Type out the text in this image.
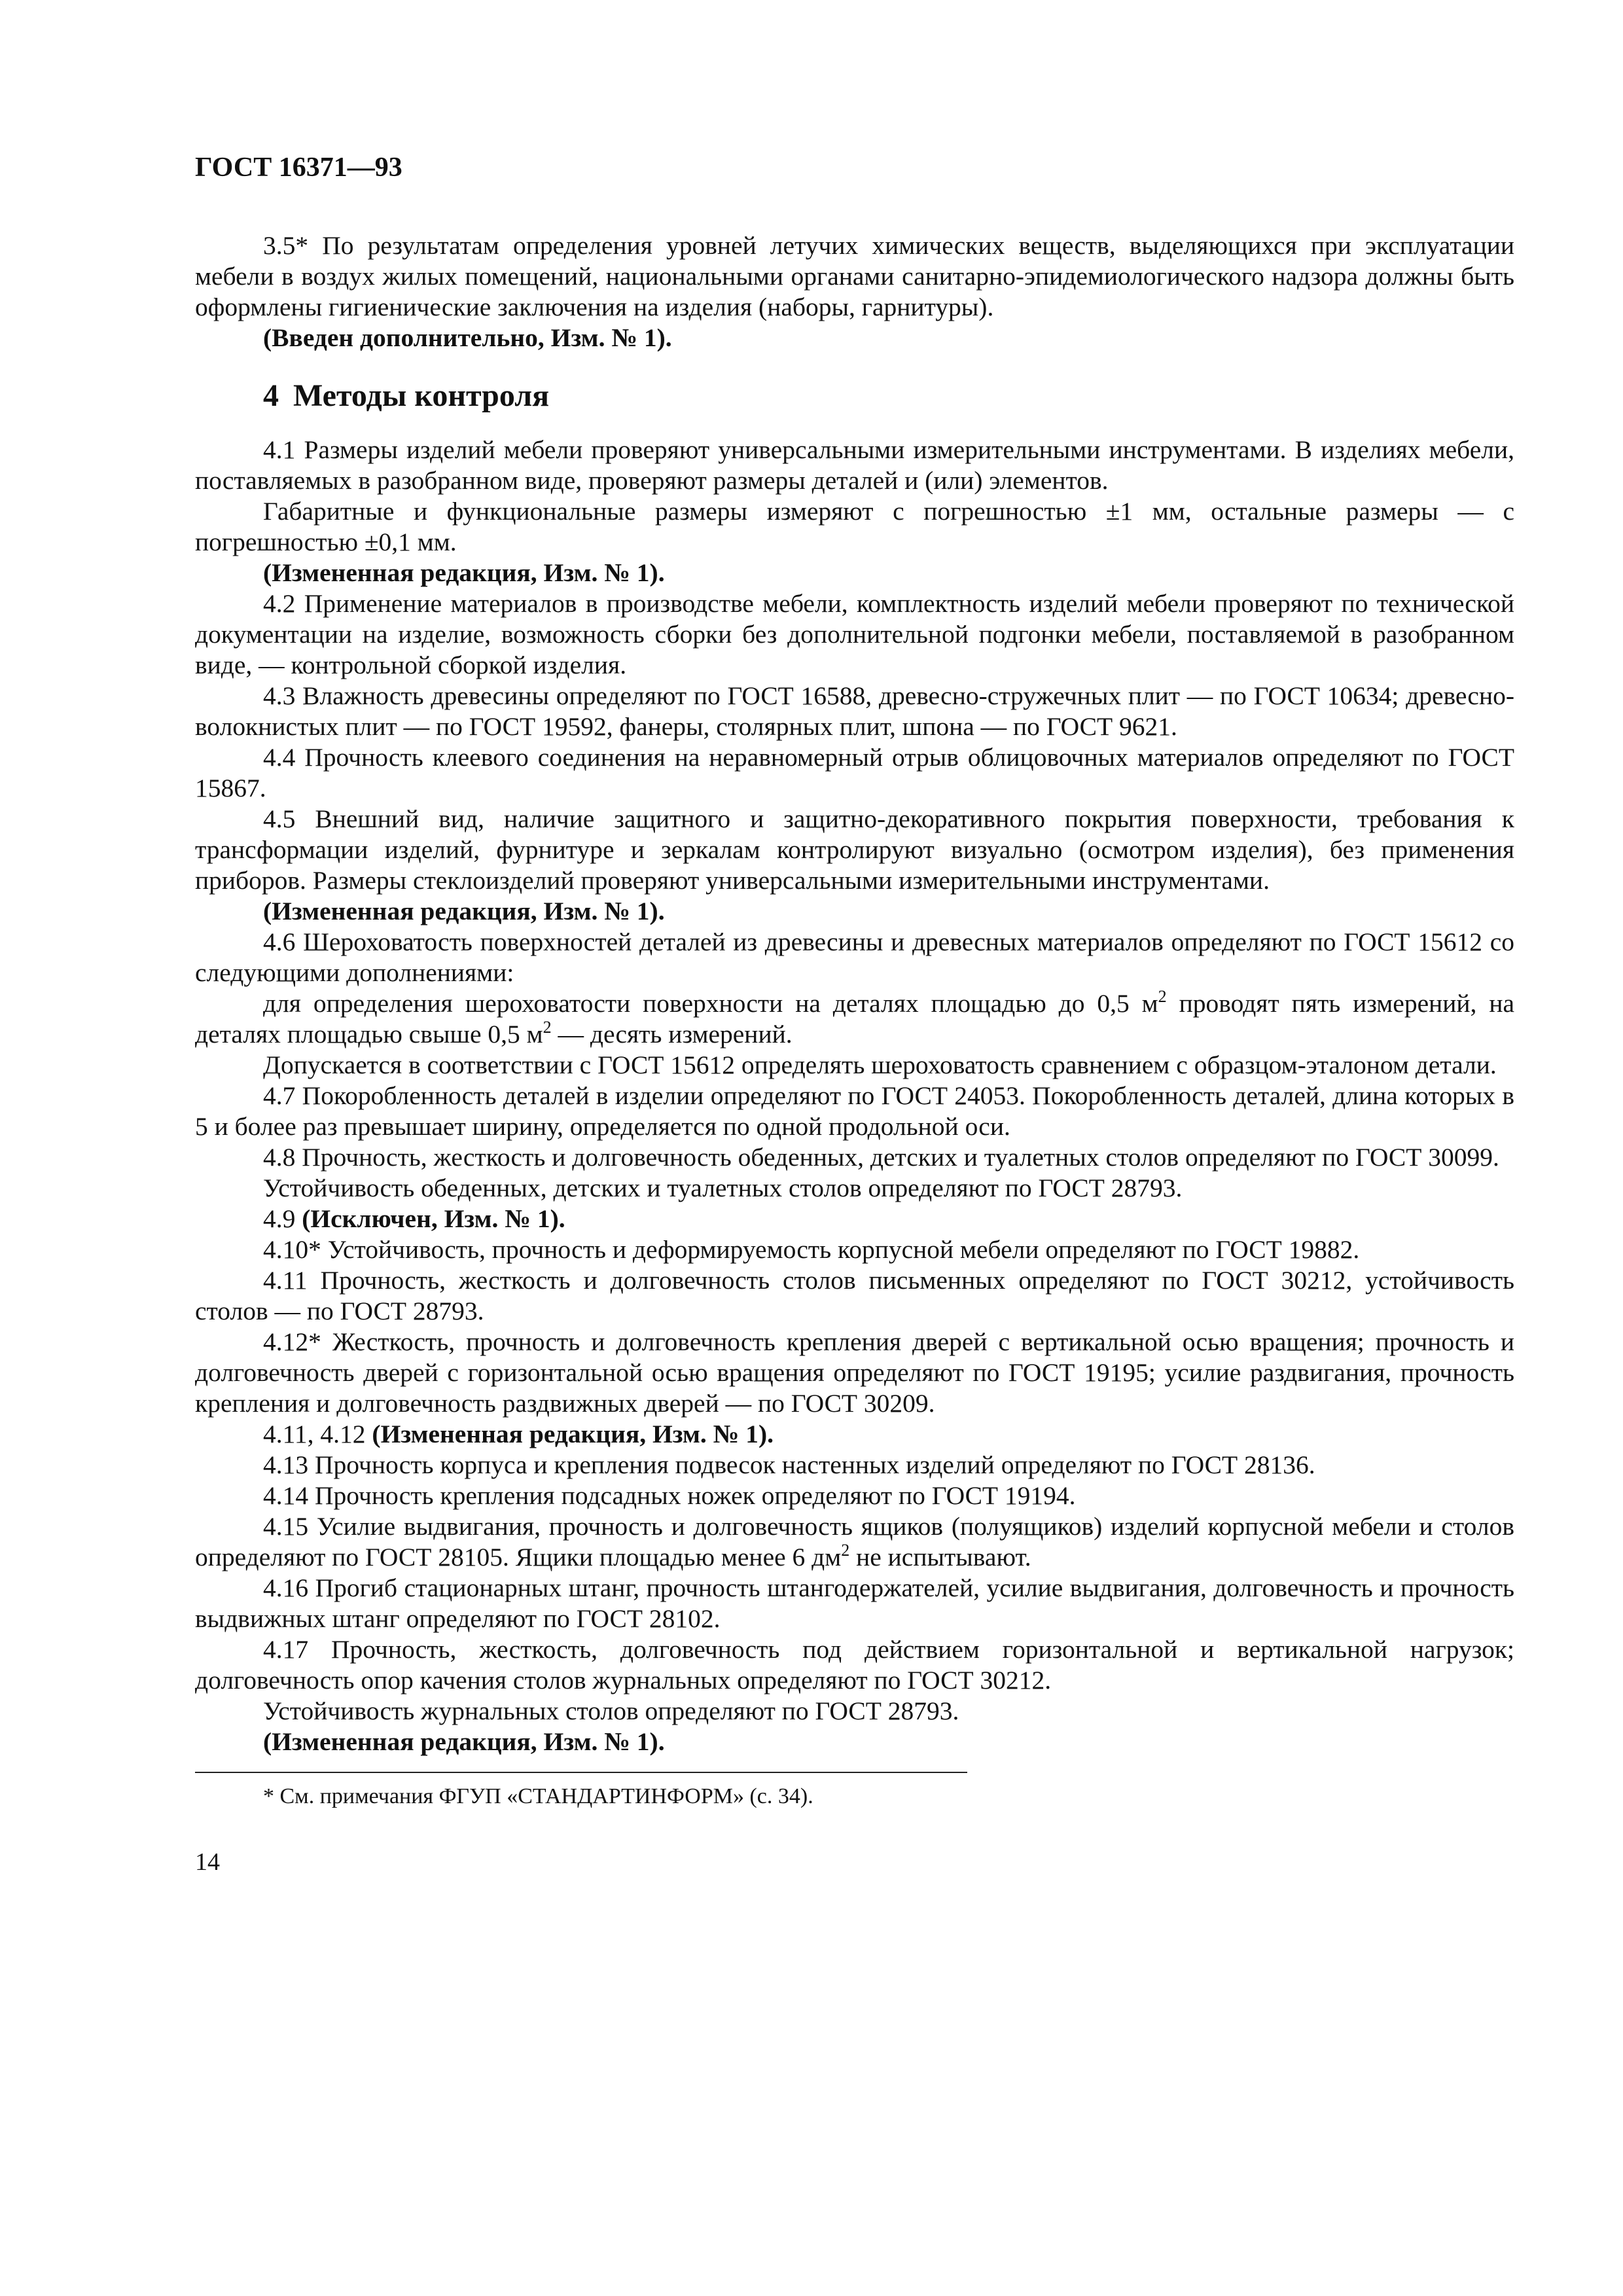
ГОСТ 16371—93

3.5* По результатам определения уровней летучих химических веществ, выделяющихся при эксплуатации мебели в воздух жилых помещений, национальными органами санитарно-эпидемиологического надзора должны быть оформлены гигиенические заключения на изделия (наборы, гарнитуры).

(Введен дополнительно, Изм. № 1).

4 Методы контроля

4.1 Размеры изделий мебели проверяют универсальными измерительными инструментами. В изделиях мебели, поставляемых в разобранном виде, проверяют размеры деталей и (или) элементов.

Габаритные и функциональные размеры измеряют с погрешностью ±1 мм, остальные размеры — с погрешностью ±0,1 мм.

(Измененная редакция, Изм. № 1).

4.2 Применение материалов в производстве мебели, комплектность изделий мебели проверяют по технической документации на изделие, возможность сборки без дополнительной подгонки мебели, поставляемой в разобранном виде, — контрольной сборкой изделия.

4.3 Влажность древесины определяют по ГОСТ 16588, древесно-стружечных плит — по ГОСТ 10634; древесно-волокнистых плит — по ГОСТ 19592, фанеры, столярных плит, шпона — по ГОСТ 9621.

4.4 Прочность клеевого соединения на неравномерный отрыв облицовочных материалов определяют по ГОСТ 15867.

4.5 Внешний вид, наличие защитного и защитно-декоративного покрытия поверхности, требования к трансформации изделий, фурнитуре и зеркалам контролируют визуально (осмотром изделия), без применения приборов. Размеры стеклоизделий проверяют универсальными измерительными инструментами.

(Измененная редакция, Изм. № 1).

4.6 Шероховатость поверхностей деталей из древесины и древесных материалов определяют по ГОСТ 15612 со следующими дополнениями:

для определения шероховатости поверхности на деталях площадью до 0,5 $м^2$ проводят пять измерений, на деталях площадью свыше 0,5 $м^2$ — десять измерений.

Допускается в соответствии с ГОСТ 15612 определять шероховатость сравнением с образцом-эталоном детали.

4.7 Покоробленность деталей в изделии определяют по ГОСТ 24053. Покоробленность деталей, длина которых в 5 и более раз превышает ширину, определяется по одной продольной оси.

4.8 Прочность, жесткость и долговечность обеденных, детских и туалетных столов определяют по ГОСТ 30099.

Устойчивость обеденных, детских и туалетных столов определяют по ГОСТ 28793.

4.9 (Исключен, Изм. № 1).

4.10* Устойчивость, прочность и деформируемость корпусной мебели определяют по ГОСТ 19882.

4.11 Прочность, жесткость и долговечность столов письменных определяют по ГОСТ 30212, устойчивость столов — по ГОСТ 28793.

4.12* Жесткость, прочность и долговечность крепления дверей с вертикальной осью вращения; прочность и долговечность дверей с горизонтальной осью вращения определяют по ГОСТ 19195; усилие раздвигания, прочность крепления и долговечность раздвижных дверей — по ГОСТ 30209.

4.11, 4.12 (Измененная редакция, Изм. № 1).

4.13 Прочность корпуса и крепления подвесок настенных изделий определяют по ГОСТ 28136.

4.14 Прочность крепления подсадных ножек определяют по ГОСТ 19194.

4.15 Усилие выдвигания, прочность и долговечность ящиков (полуящиков) изделий корпусной мебели и столов определяют по ГОСТ 28105. Ящики площадью менее 6 $дм^2$ не испытывают.

4.16 Прогиб стационарных штанг, прочность штангодержателей, усилие выдвигания, долговечность и прочность выдвижных штанг определяют по ГОСТ 28102.

4.17 Прочность, жесткость, долговечность под действием горизонтальной и вертикальной нагрузок; долговечность опор качения столов журнальных определяют по ГОСТ 30212.

Устойчивость журнальных столов определяют по ГОСТ 28793.

(Измененная редакция, Изм. № 1).

* См. примечания ФГУП «СТАНДАРТИНФОРМ» (с. 34).

14
